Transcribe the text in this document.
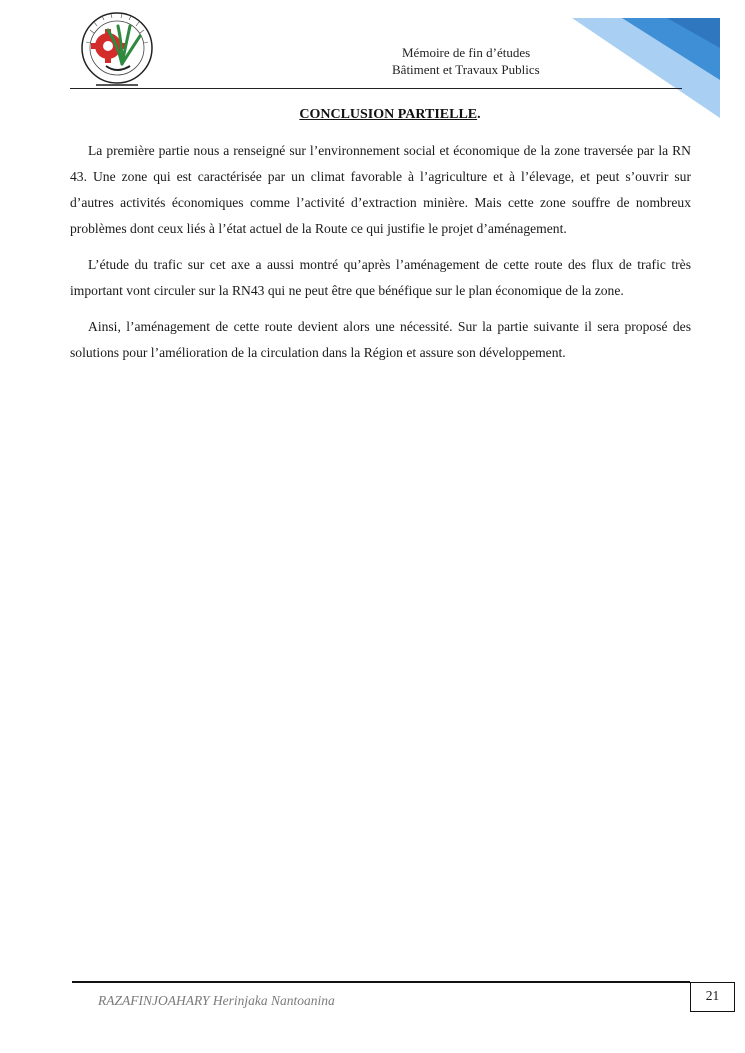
Mémoire de fin d’études
Bâtiment et Travaux Publics
CONCLUSION PARTIELLE.

La première partie nous a renseigné sur l’environnement social et économique de la zone traversée par la RN 43. Une zone qui est caractérisée par un climat favorable à l’agriculture et à l’élevage, et peut s’ouvrir sur d’autres activités économiques comme l’activité d’extraction minière. Mais cette zone souffre de nombreux problèmes dont ceux liés à l’état actuel de la Route ce qui justifie le projet d’aménagement.

L’étude du trafic sur cet axe a aussi montré qu’après l’aménagement de cette route des flux de trafic très important vont circuler sur la RN43 qui ne peut être que bénéfique sur le plan économique de la zone.

Ainsi, l’aménagement de cette route devient alors une nécessité. Sur la partie suivante il sera proposé des solutions pour l’amélioration de la circulation dans la Région et assure son développement.

RAZAFINJOAHARY Herinjaka Nantoanina	21
